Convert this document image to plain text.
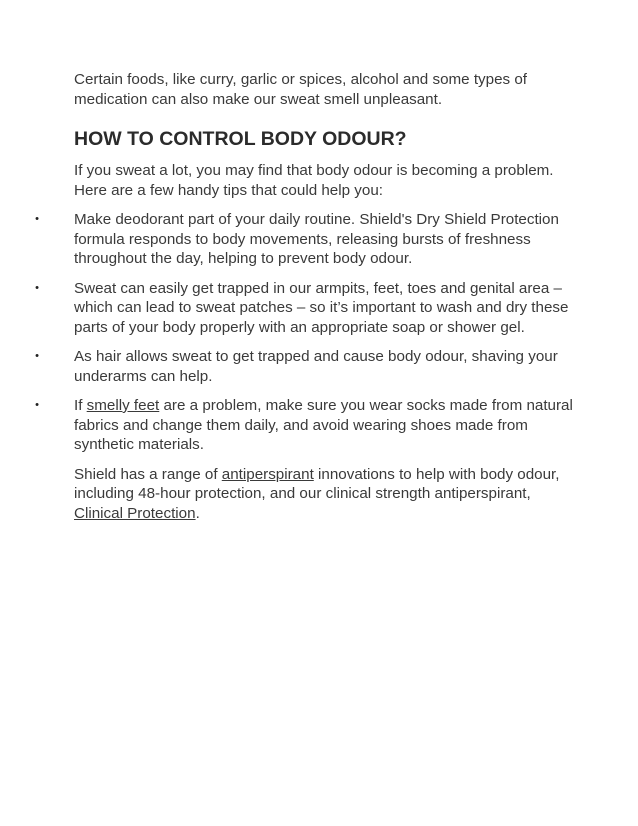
Certain foods, like curry, garlic or spices, alcohol and some types of medication can also make our sweat smell unpleasant.

HOW TO CONTROL BODY ODOUR?

If you sweat a lot, you may find that body odour is becoming a problem. Here are a few handy tips that could help you:

• Make deodorant part of your daily routine. Shield's Dry Shield Protection formula responds to body movements, releasing bursts of freshness throughout the day, helping to prevent body odour.
• Sweat can easily get trapped in our armpits, feet, toes and genital area – which can lead to sweat patches – so it’s important to wash and dry these parts of your body properly with an appropriate soap or shower gel.
• As hair allows sweat to get trapped and cause body odour, shaving your underarms can help.
• If smelly feet are a problem, make sure you wear socks made from natural fabrics and change them daily, and avoid wearing shoes made from synthetic materials.

Shield has a range of antiperspirant innovations to help with body odour, including 48-hour protection, and our clinical strength antiperspirant, Clinical Protection.
